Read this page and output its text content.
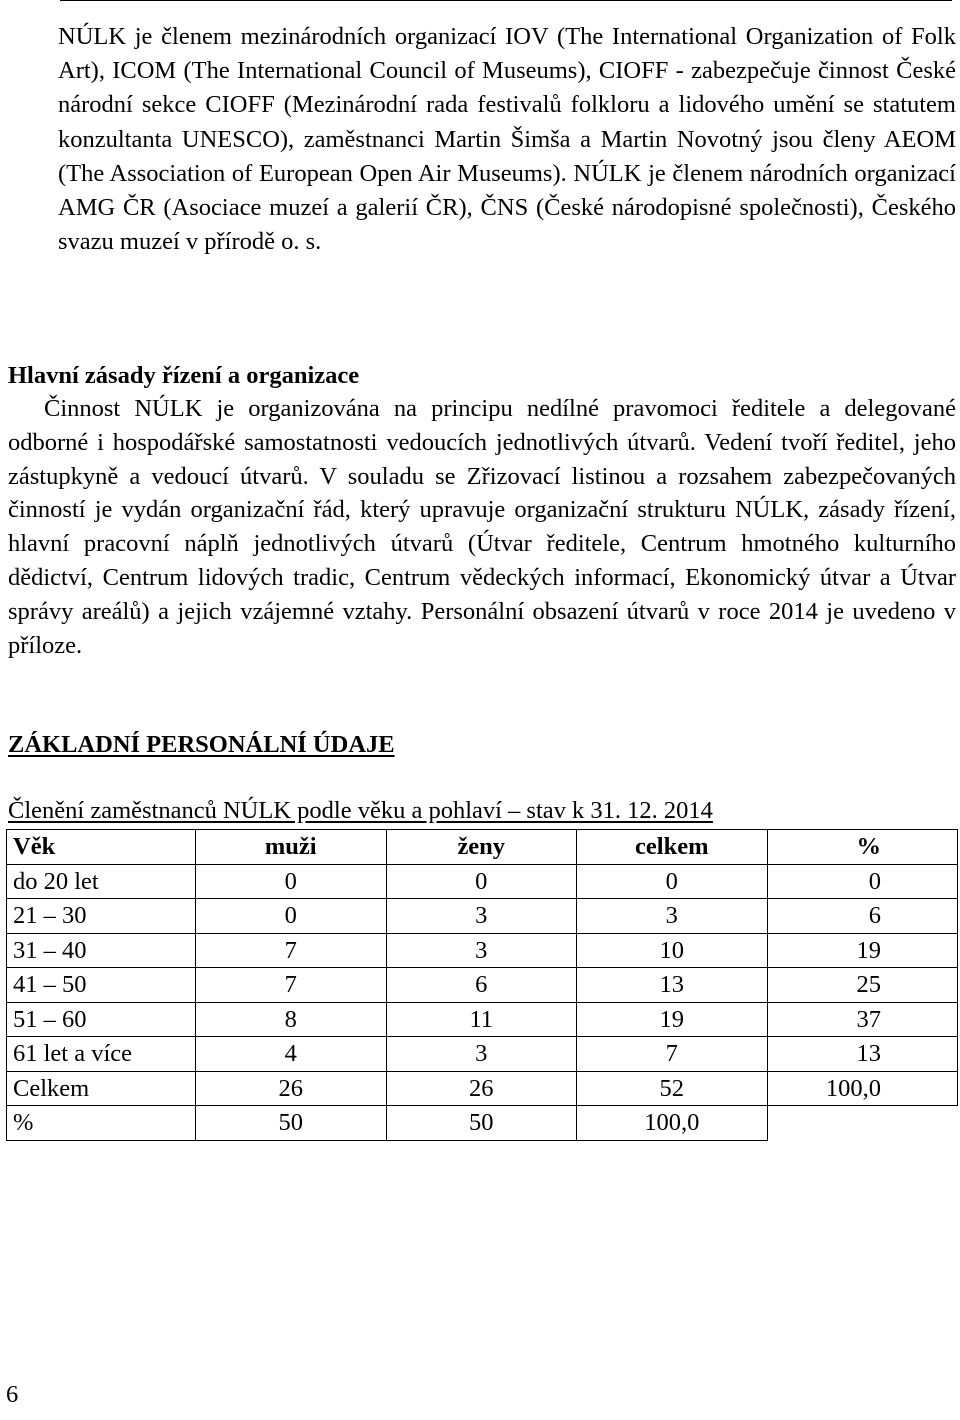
NÚLK je členem mezinárodních organizací IOV (The International Organization of Folk Art), ICOM (The International Council of Museums), CIOFF - zabezpečuje činnost České národní sekce CIOFF (Mezinárodní rada festivalů folkloru a lidového umění se statutem konzultanta UNESCO), zaměstnanci Martin Šimša a Martin Novotný jsou členy AEOM (The Association of European Open Air Museums). NÚLK je členem národních organizací AMG ČR (Asociace muzeí a galerií ČR), ČNS (České národopisné společnosti), Českého svazu muzeí v přírodě o. s.

Hlavní zásady řízení a organizace

Činnost NÚLK je organizována na principu nedílné pravomoci ředitele a delegované odborné i hospodářské samostatnosti vedoucích jednotlivých útvarů. Vedení tvoří ředitel, jeho zástupkyně a vedoucí útvarů. V souladu se Zřizovací listinou a rozsahem zabezpečovaných činností je vydán organizační řád, který upravuje organizační strukturu NÚLK, zásady řízení, hlavní pracovní náplň jednotlivých útvarů (Útvar ředitele, Centrum hmotného kulturního dědictví, Centrum lidových tradic, Centrum vědeckých informací, Ekonomický útvar a Útvar správy areálů) a jejich vzájemné vztahy. Personální obsazení útvarů v roce 2014 je uvedeno v příloze.

ZÁKLADNÍ PERSONÁLNÍ ÚDAJE
Členění zaměstnanců NÚLK podle věku a pohlaví – stav k 31. 12. 2014
Věk	muži	ženy	celkem	%
do 20 let	0	0	0	0
21 – 30	0	3	3	6
31 – 40	7	3	10	19
41 – 50	7	6	13	25
51 – 60	8	11	19	37
61 let a více	4	3	7	13
Celkem	26	26	52	100,0
%	50	50	100,0	
6
